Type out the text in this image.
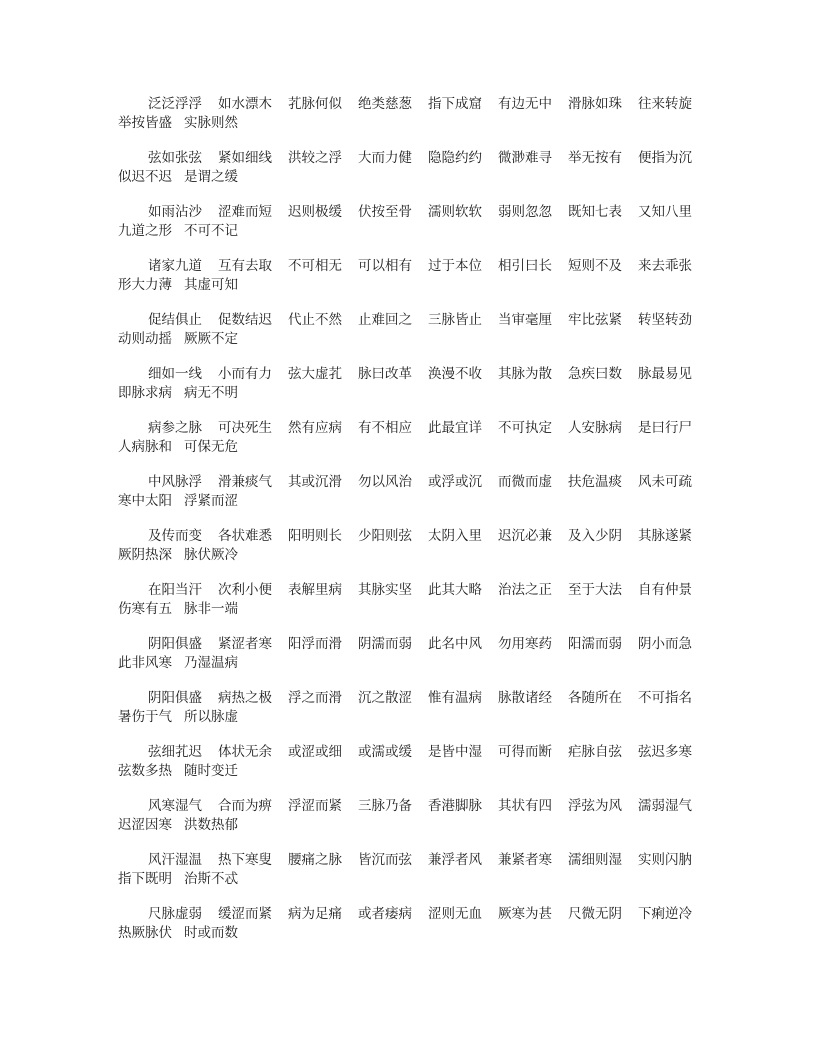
泛泛浮浮 如水漂木 芤脉何似 绝类慈葱 指下成窟 有边无中 滑脉如珠 往来转旋
举按皆盛 实脉则然
弦如张弦 紧如细线 洪较之浮 大而力健 隐隐约约 微渺难寻 举无按有 便指为沉
似迟不迟 是谓之缓
如雨沾沙 涩难而短 迟则极缓 伏按至骨 濡则软软 弱则忽忽 既知七表 又知八里
九道之形 不可不记
诸家九道 互有去取 不可相无 可以相有 过于本位 相引曰长 短则不及 来去乖张
形大力薄 其虚可知
促结俱止 促数结迟 代止不然 止难回之 三脉皆止 当审毫厘 牢比弦紧 转坚转劲
动则动摇 厥厥不定
细如一线 小而有力 弦大虚芤 脉曰改革 涣漫不收 其脉为散 急疾曰数 脉最易见
即脉求病 病无不明
病参之脉 可决死生 然有应病 有不相应 此最宜详 不可执定 人安脉病 是曰行尸
人病脉和 可保无危
中风脉浮 滑兼痰气 其或沉滑 勿以风治 或浮或沉 而微而虚 扶危温痰 风未可疏
寒中太阳 浮紧而涩
及传而变 各状难悉 阳明则长 少阳则弦 太阴入里 迟沉必兼 及入少阴 其脉遂紧
厥阴热深 脉伏厥冷
在阳当汗 次利小便 表解里病 其脉实坚 此其大略 治法之正 至于大法 自有仲景
伤寒有五 脉非一端
阴阳俱盛 紧涩者寒 阳浮而滑 阴濡而弱 此名中风 勿用寒药 阳濡而弱 阴小而急
此非风寒 乃湿温病
阴阳俱盛 病热之极 浮之而滑 沉之散涩 惟有温病 脉散诸经 各随所在 不可指名
暑伤于气 所以脉虚
弦细芤迟 体状无余 或涩或细 或濡或缓 是皆中湿 可得而断 疟脉自弦 弦迟多寒
弦数多热 随时变迁
风寒湿气 合而为痹 浮涩而紧 三脉乃备 香港脚脉 其状有四 浮弦为风 濡弱湿气
迟涩因寒 洪数热郁
风汗湿温 热下寒叟 腰痛之脉 皆沉而弦 兼浮者风 兼紧者寒 濡细则湿 实则闪肭
指下既明 治斯不忒
尺脉虚弱 缓涩而紧 病为足痛 或者痿病 涩则无血 厥寒为甚 尺微无阴 下痢逆冷
热厥脉伏 时或而数
